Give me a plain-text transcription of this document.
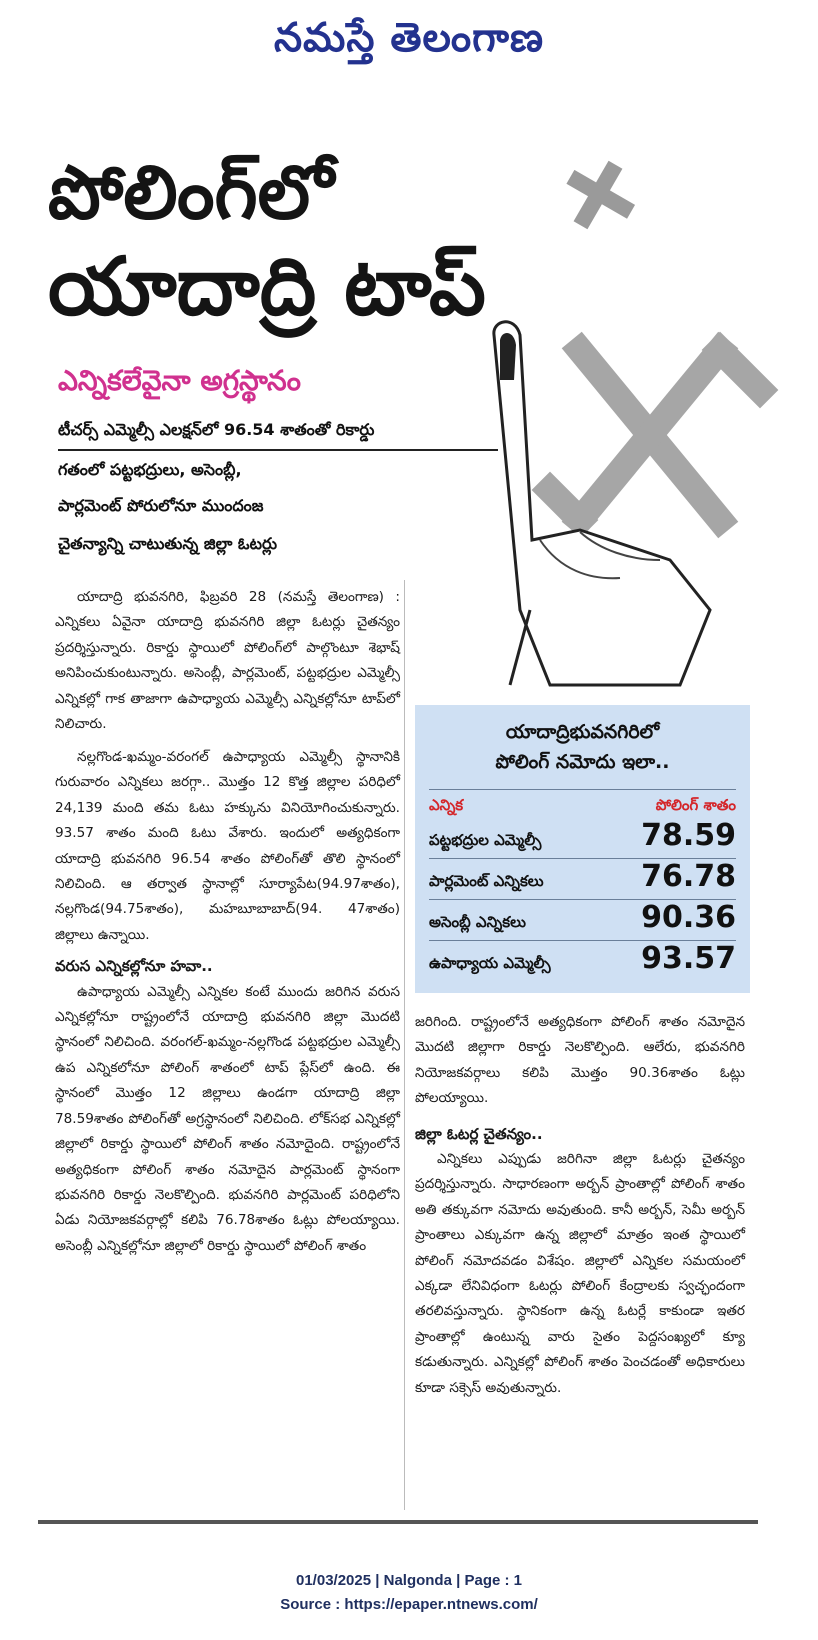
నమస్తే తెలంగాణ
పోలింగ్‌లో
యాదాద్రి టాప్
ఎన్నికలేవైనా అగ్రస్థానం
టీచర్స్ ఎమ్మెల్సీ ఎలక్షన్‌లో 96.54 శాతంతో రికార్డు
గతంలో పట్టభద్రులు, అసెంబ్లీ,
పార్లమెంట్ పోరులోనూ ముందంజ
చైతన్యాన్ని చాటుతున్న జిల్లా ఓటర్లు
యాదాద్రిభువనగిరిలో
పోలింగ్ నమోదు ఇలా..
ఎన్నిక	పోలింగ్ శాతం
పట్టభద్రుల ఎమ్మెల్సీ	78.59
పార్లమెంట్ ఎన్నికలు	76.78
అసెంబ్లీ ఎన్నికలు	90.36
ఉపాధ్యాయ ఎమ్మెల్సీ	93.57

యాదాద్రి భువనగిరి, ఫిబ్రవరి 28 (నమస్తే తెలంగాణ) : ఎన్నికలు ఏవైనా యాదాద్రి భువనగిరి జిల్లా ఓటర్లు చైతన్యం ప్రదర్శిస్తున్నారు. రికార్డు స్థాయిలో పోలింగ్‌లో పాల్గొంటూ శెభాష్ అనిపించుకుంటున్నారు. అసెంబ్లీ, పార్లమెంట్, పట్టభద్రుల ఎమ్మెల్సీ ఎన్నికల్లో గాక తాజాగా ఉపాధ్యాయ ఎమ్మెల్సీ ఎన్నికల్లోనూ టాప్‌లో నిలిచారు.

నల్లగొండ-ఖమ్మం-వరంగల్ ఉపాధ్యాయ ఎమ్మెల్సీ స్థానానికి గురువారం ఎన్నికలు జరగ్గా.. మొత్తం 12 కొత్త జిల్లాల పరిధిలో 24,139 మంది తమ ఓటు హక్కును వినియోగించుకున్నారు. 93.57 శాతం మంది ఓటు వేశారు. ఇందులో అత్యధికంగా యాదాద్రి భువనగిరి 96.54 శాతం పోలింగ్‌తో తొలి స్థానంలో నిలిచింది. ఆ తర్వాత స్థానాల్లో సూర్యాపేట(94.97శాతం), నల్లగొండ(94.75శాతం), మహబూబాబాద్(94. 47శాతం) జిల్లాలు ఉన్నాయి.

వరుస ఎన్నికల్లోనూ హవా..

ఉపాధ్యాయ ఎమ్మెల్సీ ఎన్నికల కంటే ముందు జరిగిన వరుస ఎన్నికల్లోనూ రాష్ట్రంలోనే యాదాద్రి భువనగిరి జిల్లా మొదటి స్థానంలో నిలిచింది. వరంగల్-ఖమ్మం-నల్లగొండ పట్టభద్రుల ఎమ్మెల్సీ ఉప ఎన్నికలోనూ పోలింగ్ శాతంలో టాప్ ప్లేస్‌లో ఉంది. ఈ స్థానంలో మొత్తం 12 జిల్లాలు ఉండగా యాదాద్రి జిల్లా 78.59శాతం పోలింగ్‌తో అగ్రస్థానంలో నిలిచింది. లోక్‌సభ ఎన్నికల్లో జిల్లాలో రికార్డు స్థాయిలో పోలింగ్ శాతం నమోదైంది. రాష్ట్రంలోనే అత్యధికంగా పోలింగ్ శాతం నమోదైన పార్లమెంట్ స్థానంగా భువనగిరి రికార్డు నెలకొల్పింది. భువనగిరి పార్లమెంట్ పరిధిలోని ఏడు నియోజకవర్గాల్లో కలిపి 76.78శాతం ఓట్లు పోలయ్యాయి. అసెంబ్లీ ఎన్నికల్లోనూ జిల్లాలో రికార్డు స్థాయిలో పోలింగ్ శాతం

జరిగింది. రాష్ట్రంలోనే అత్యధికంగా పోలింగ్ శాతం నమోదైన మొదటి జిల్లాగా రికార్డు నెలకొల్పింది. ఆలేరు, భువనగిరి నియోజకవర్గాలు కలిపి మొత్తం 90.36శాతం ఓట్లు పోలయ్యాయి.

జిల్లా ఓటర్ల చైతన్యం..

ఎన్నికలు ఎప్పుడు జరిగినా జిల్లా ఓటర్లు చైతన్యం ప్రదర్శిస్తున్నారు. సాధారణంగా అర్బన్ ప్రాంతాల్లో పోలింగ్ శాతం అతి తక్కువగా నమోదు అవుతుంది. కానీ అర్బన్, సెమీ అర్బన్ ప్రాంతాలు ఎక్కువగా ఉన్న జిల్లాలో మాత్రం ఇంత స్థాయిలో పోలింగ్ నమోదవడం విశేషం. జిల్లాలో ఎన్నికల సమయంలో ఎక్కడా లేనివిధంగా ఓటర్లు పోలింగ్ కేంద్రాలకు స్వచ్ఛందంగా తరలివస్తున్నారు. స్థానికంగా ఉన్న ఓటర్లే కాకుండా ఇతర ప్రాంతాల్లో ఉంటున్న వారు సైతం పెద్దసంఖ్యలో క్యూ కడుతున్నారు. ఎన్నికల్లో పోలింగ్ శాతం పెంచడంతో అధికారులు కూడా సక్సెస్ అవుతున్నారు.

01/03/2025 | Nalgonda | Page : 1
Source : https://epaper.ntnews.com/
